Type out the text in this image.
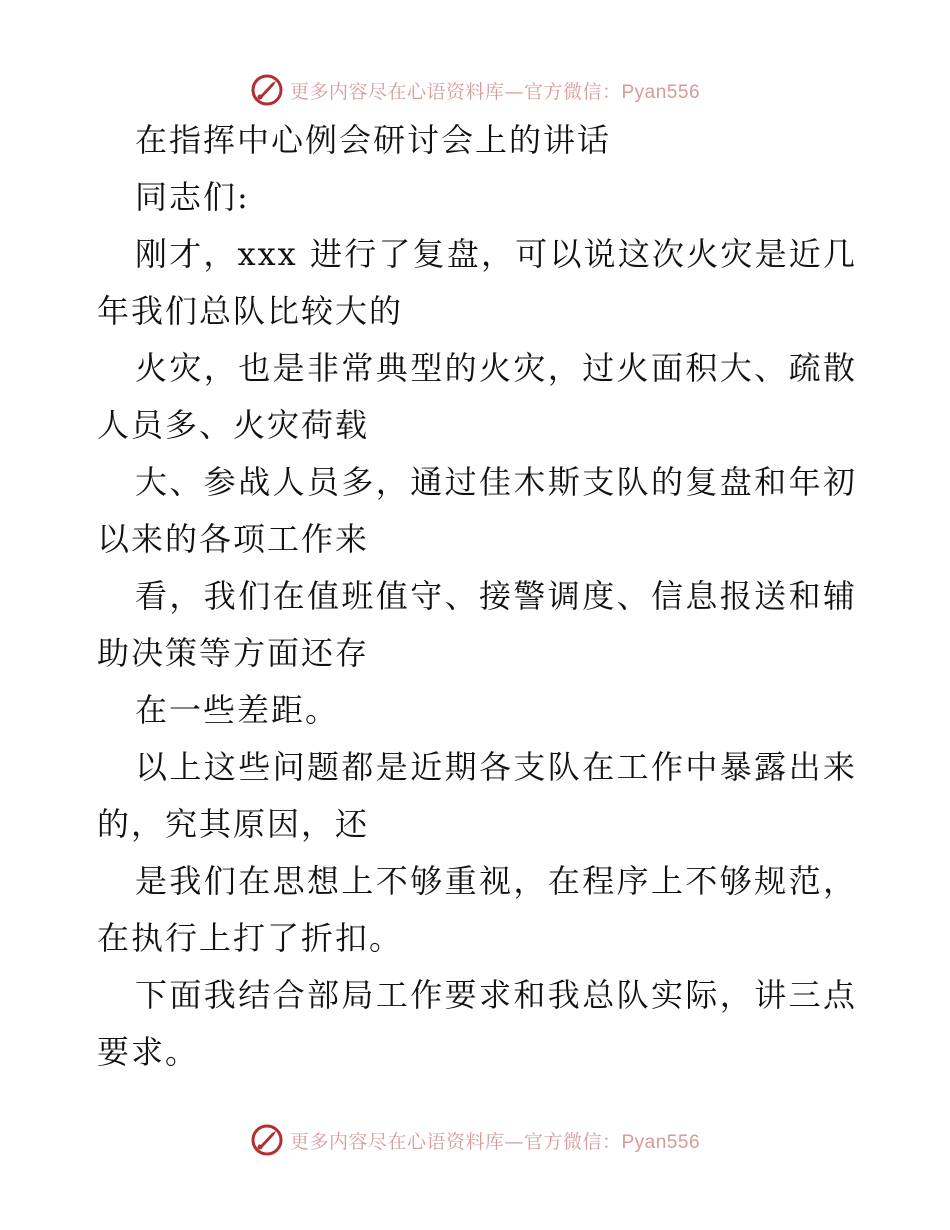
更多内容尽在心语资料库—官方微信：Pyan556

在指挥中心例会研讨会上的讲话

同志们:

刚才，xxx 进行了复盘，可以说这次火灾是近几年我们总队比较大的

火灾，也是非常典型的火灾，过火面积大、疏散人员多、火灾荷载

大、参战人员多，通过佳木斯支队的复盘和年初以来的各项工作来

看，我们在值班值守、接警调度、信息报送和辅助决策等方面还存

在一些差距。

以上这些问题都是近期各支队在工作中暴露出来的，究其原因，还

是我们在思想上不够重视，在程序上不够规范，在执行上打了折扣。

下面我结合部局工作要求和我总队实际，讲三点要求。

更多内容尽在心语资料库—官方微信：Pyan556
